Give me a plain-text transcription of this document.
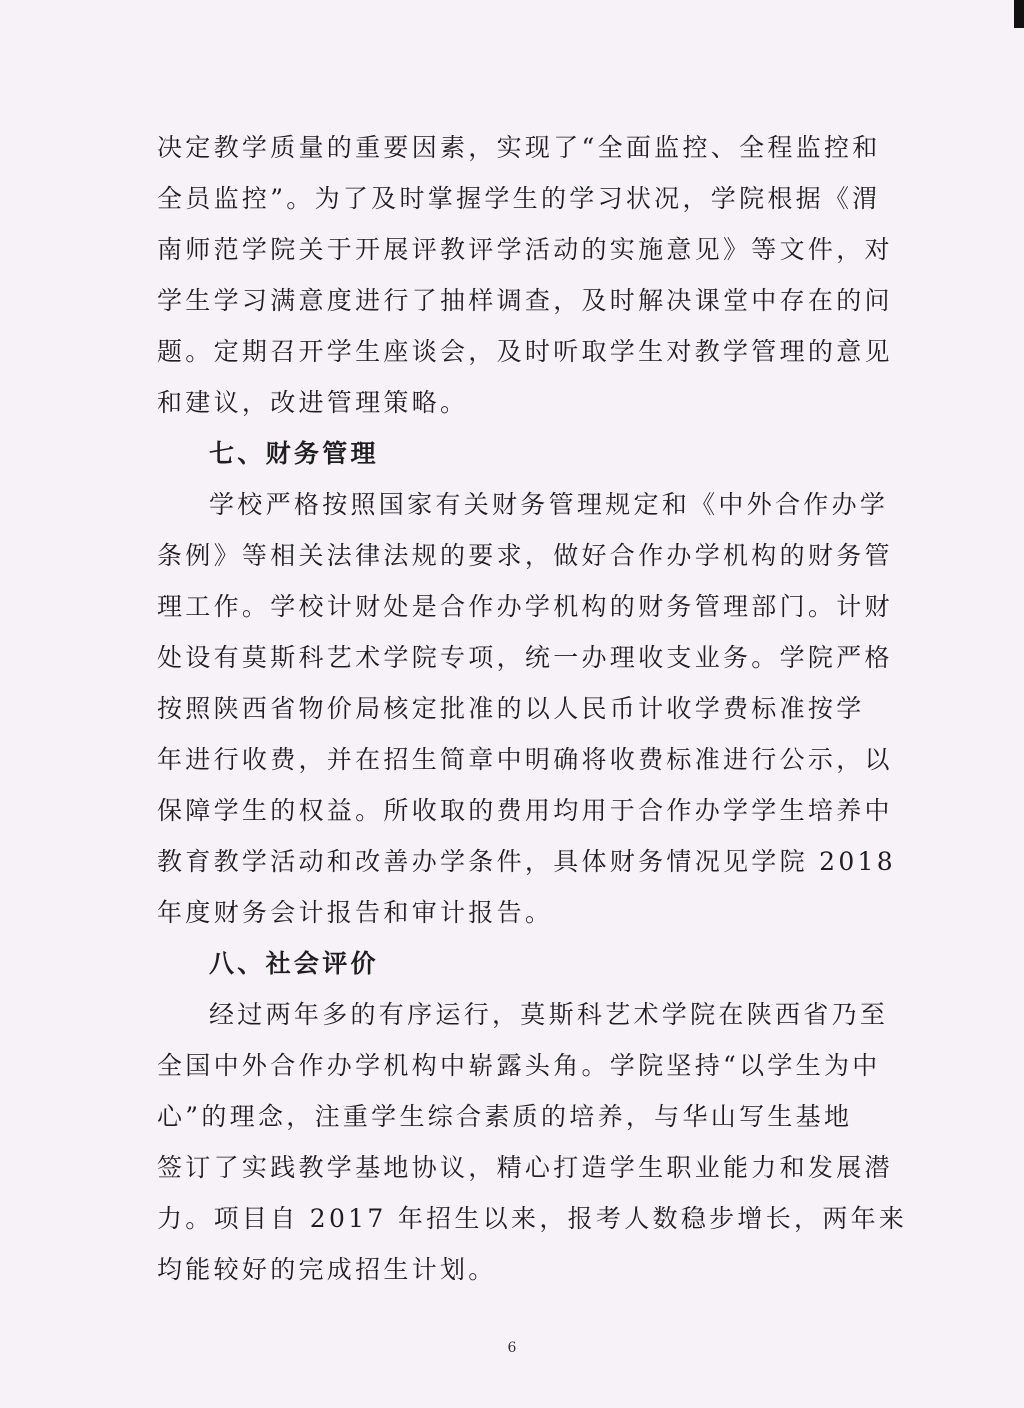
决定教学质量的重要因素，实现了“全面监控、全程监控和
全员监控”。为了及时掌握学生的学习状况，学院根据《渭
南师范学院关于开展评教评学活动的实施意见》等文件，对
学生学习满意度进行了抽样调查，及时解决课堂中存在的问
题。定期召开学生座谈会，及时听取学生对教学管理的意见
和建议，改进管理策略。

七、财务管理

学校严格按照国家有关财务管理规定和《中外合作办学
条例》等相关法律法规的要求，做好合作办学机构的财务管
理工作。学校计财处是合作办学机构的财务管理部门。计财
处设有莫斯科艺术学院专项，统一办理收支业务。学院严格
按照陕西省物价局核定批准的以人民币计收学费标准按学
年进行收费，并在招生简章中明确将收费标准进行公示，以
保障学生的权益。所收取的费用均用于合作办学学生培养中
教育教学活动和改善办学条件，具体财务情况见学院 2018
年度财务会计报告和审计报告。

八、社会评价

经过两年多的有序运行，莫斯科艺术学院在陕西省乃至
全国中外合作办学机构中崭露头角。学院坚持“以学生为中
心”的理念，注重学生综合素质的培养，与华山写生基地
签订了实践教学基地协议，精心打造学生职业能力和发展潜
力。项目自 2017 年招生以来，报考人数稳步增长，两年来
均能较好的完成招生计划。

6
